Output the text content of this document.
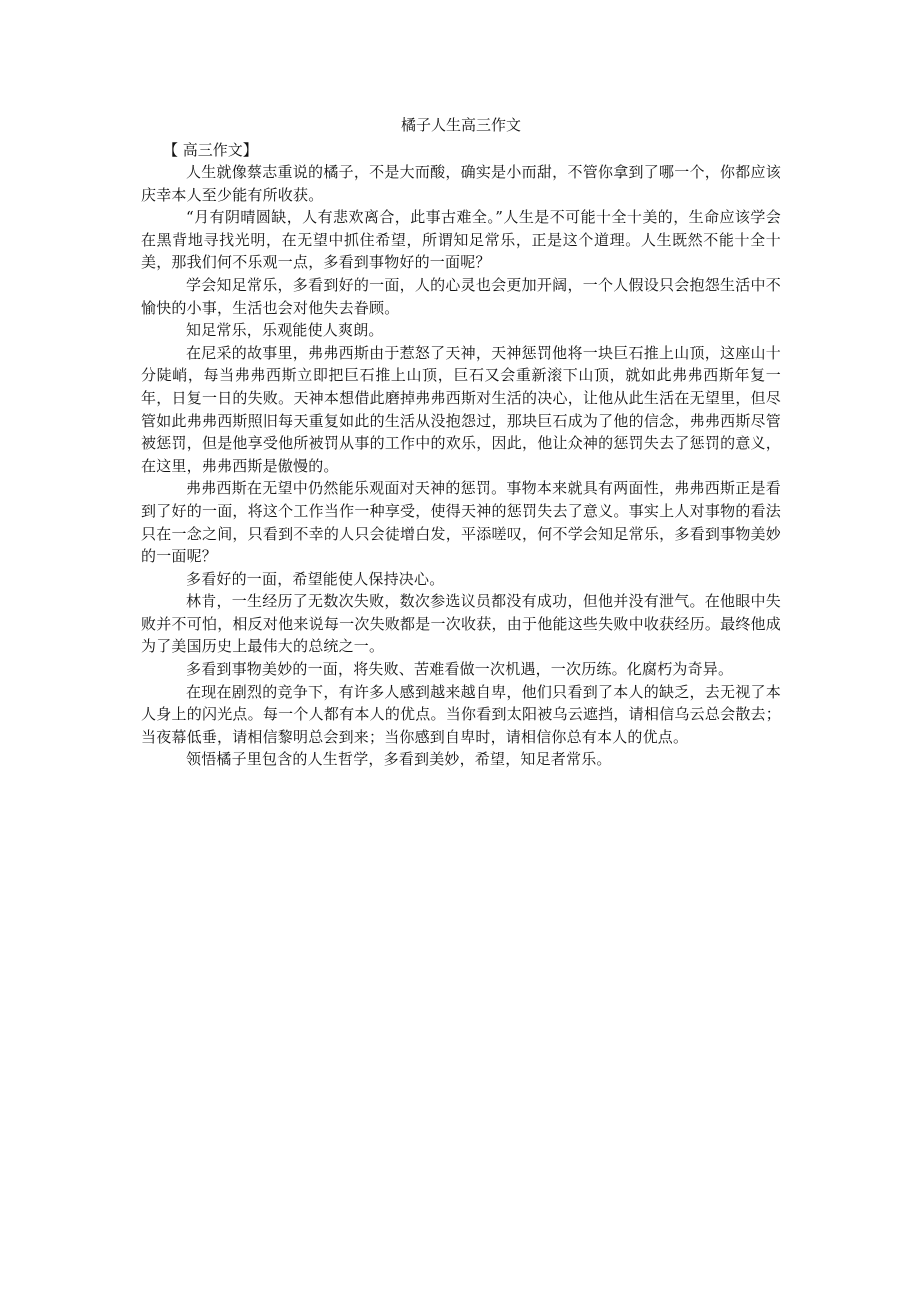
橘子人生高三作文

【 高三作文】

人生就像蔡志重说的橘子，不是大而酸，确实是小而甜，不管你拿到了哪一个，你都应该庆幸本人至少能有所收获。

“月有阴晴圆缺，人有悲欢离合，此事古难全。”人生是不可能十全十美的，生命应该学会在黑背地寻找光明，在无望中抓住希望，所谓知足常乐，正是这个道理。人生既然不能十全十美，那我们何不乐观一点，多看到事物好的一面呢？

学会知足常乐，多看到好的一面，人的心灵也会更加开阔，一个人假设只会抱怨生活中不愉快的小事，生活也会对他失去眷顾。

知足常乐，乐观能使人爽朗。

在尼采的故事里，弗弗西斯由于惹怒了天神，天神惩罚他将一块巨石推上山顶，这座山十分陡峭，每当弗弗西斯立即把巨石推上山顶，巨石又会重新滚下山顶，就如此弗弗西斯年复一年，日复一日的失败。天神本想借此磨掉弗弗西斯对生活的决心，让他从此生活在无望里，但尽管如此弗弗西斯照旧每天重复如此的生活从没抱怨过，那块巨石成为了他的信念，弗弗西斯尽管被惩罚，但是他享受他所被罚从事的工作中的欢乐，因此，他让众神的惩罚失去了惩罚的意义，在这里，弗弗西斯是傲慢的。

弗弗西斯在无望中仍然能乐观面对天神的惩罚。事物本来就具有两面性，弗弗西斯正是看到了好的一面，将这个工作当作一种享受，使得天神的惩罚失去了意义。事实上人对事物的看法只在一念之间，只看到不幸的人只会徒增白发，平添嗟叹，何不学会知足常乐，多看到事物美妙的一面呢？

多看好的一面，希望能使人保持决心。

林肯，一生经历了无数次失败，数次参选议员都没有成功，但他并没有泄气。在他眼中失败并不可怕，相反对他来说每一次失败都是一次收获，由于他能这些失败中收获经历。最终他成为了美国历史上最伟大的总统之一。

多看到事物美妙的一面，将失败、苦难看做一次机遇，一次历练。化腐朽为奇异。

在现在剧烈的竞争下，有许多人感到越来越自卑，他们只看到了本人的缺乏，去无视了本人身上的闪光点。每一个人都有本人的优点。当你看到太阳被乌云遮挡，请相信乌云总会散去；当夜幕低垂，请相信黎明总会到来；当你感到自卑时，请相信你总有本人的优点。

领悟橘子里包含的人生哲学，多看到美妙，希望，知足者常乐。
